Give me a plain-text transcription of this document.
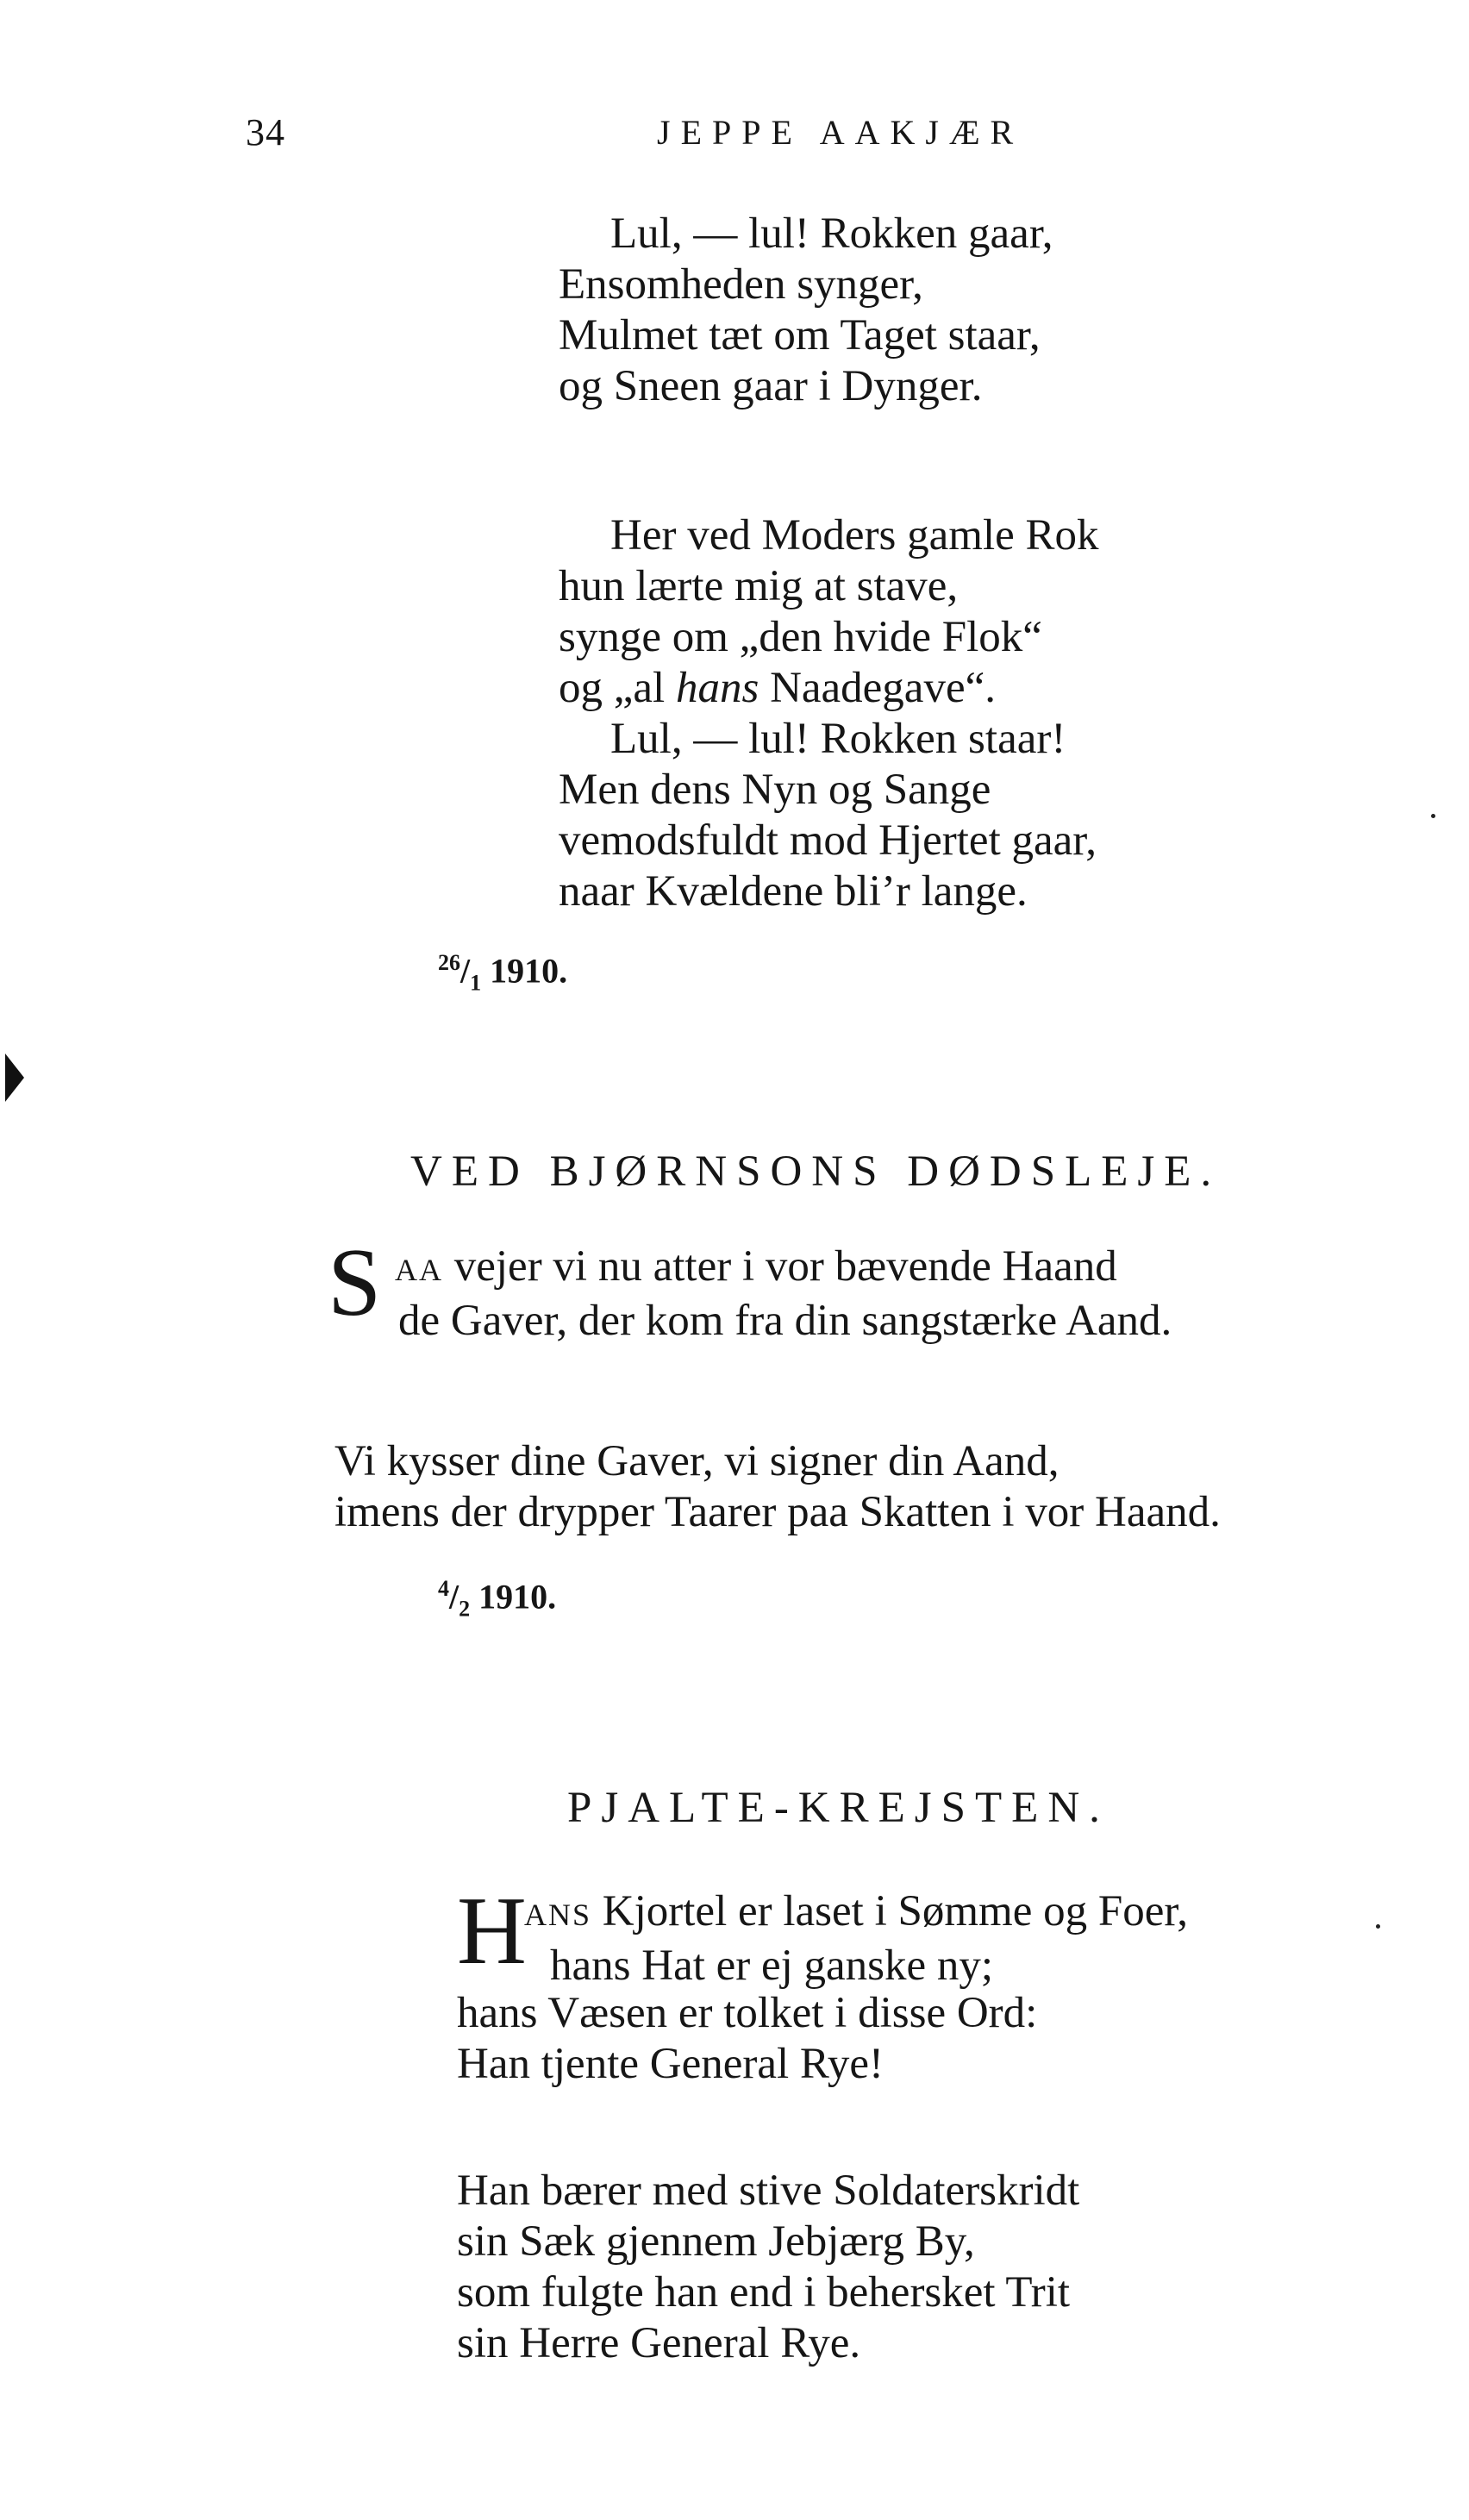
34	JEPPE AAKJÆR
Lul, — lul! Rokken gaar,
Ensomheden synger,
Mulmet tæt om Taget staar,
og Sneen gaar i Dynger.
Her ved Moders gamle Rok
hun lærte mig at stave,
synge om „den hvide Flok“
og „al hans Naadegave“.
Lul, — lul! Rokken staar!
Men dens Nyn og Sange
vemodsfuldt mod Hjertet gaar,
naar Kvældene bli’r lange.
$^{26}/_1$ 1910.
VED BJØRNSONS DØDSLEJE.
S AA vejer vi nu atter i vor bævende Haand
de Gaver, der kom fra din sangstærke Aand.
Vi kysser dine Gaver, vi signer din Aand,
imens der drypper Taarer paa Skatten i vor Haand.
$^4/_2$ 1910.
PJALTE-KREJSTEN.
H
ANS Kjortel er laset i Sømme og Foer,
hans Hat er ej ganske ny;
hans Væsen er tolket i disse Ord:
Han tjente General Rye!
Han bærer med stive Soldaterskridt
sin Sæk gjennem Jebjærg By,
som fulgte han end i behersket Trit
sin Herre General Rye.
